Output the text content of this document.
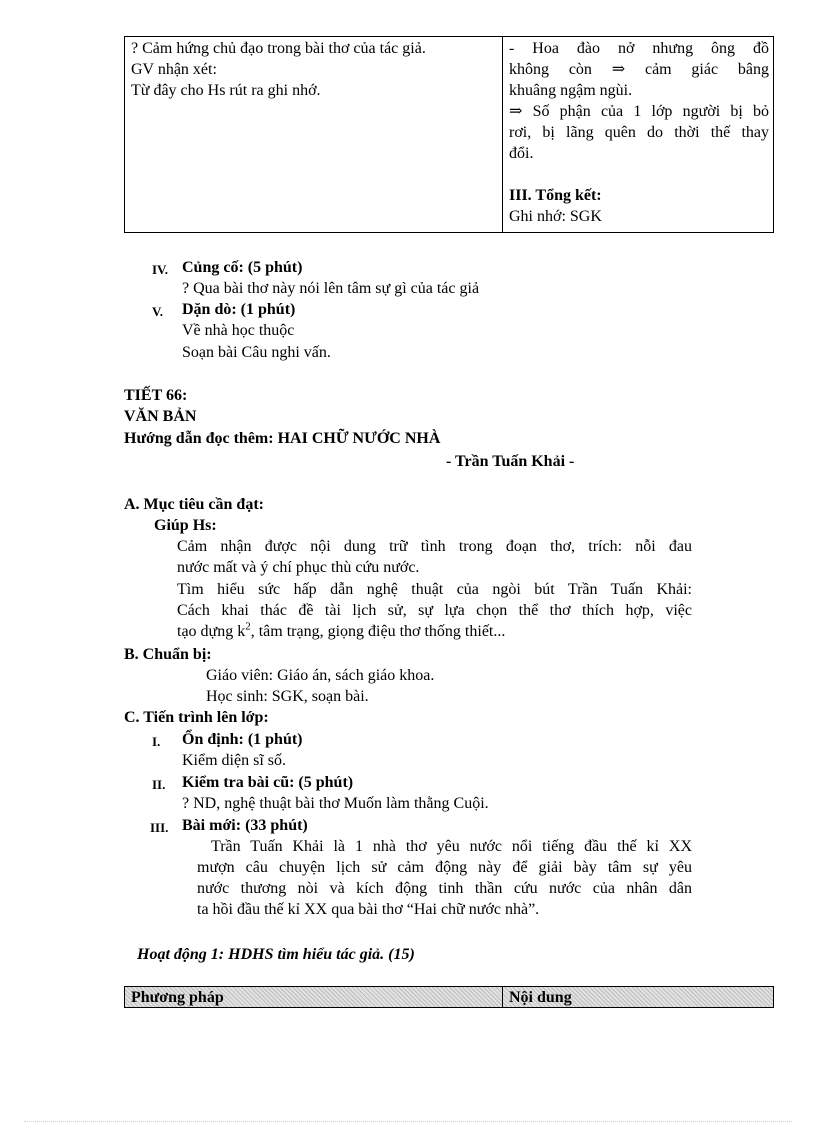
? Cảm hứng chủ đạo trong bài thơ của tác giả.
GV nhận xét:
Từ đây cho Hs rút ra ghi nhớ.
- Hoa đào nở nhưng ông đồ
không còn ⇒ cảm giác bâng
khuâng ngậm ngùi.
⇒ Số phận của 1 lớp người bị bỏ
rơi, bị lãng quên do thời thế thay
đổi.
III. Tổng kết:
Ghi nhớ: SGK
IV. Củng cố: (5 phút)
? Qua bài thơ này nói lên tâm sự gì của tác giả
V. Dặn dò: (1 phút)
Về nhà học thuộc
Soạn bài Câu nghi vấn.
TIẾT 66:
VĂN BẢN
Hướng dẫn đọc thêm: HAI CHỮ NƯỚC NHÀ
- Trần Tuấn Khải -
A. Mục tiêu cần đạt:
Giúp Hs:
Cảm nhận được nội dung trữ tình trong đoạn thơ, trích: nỗi đau
nước mất và ý chí phục thù cứu nước.
Tìm hiểu sức hấp dẫn nghệ thuật của ngòi bút Trần Tuấn Khải:
Cách khai thác đề tài lịch sử, sự lựa chọn thể thơ thích hợp, việc
tạo dựng $k^2$, tâm trạng, giọng điệu thơ thống thiết...
B. Chuẩn bị:
Giáo viên: Giáo án, sách giáo khoa.
Học sinh: SGK, soạn bài.
C. Tiến trình lên lớp:
I. Ổn định: (1 phút)
Kiểm diện sĩ số.
II. Kiểm tra bài cũ: (5 phút)
? ND, nghệ thuật bài thơ Muốn làm thằng Cuội.
III. Bài mới: (33 phút)
Trần Tuấn Khải là 1 nhà thơ yêu nước nổi tiếng đầu thế kỉ XX
mượn câu chuyện lịch sử cảm động này để giải bày tâm sự yêu
nước thương nòi và kích động tinh thần cứu nước của nhân dân
ta hồi đầu thế kỉ XX qua bài thơ “Hai chữ nước nhà”.
Hoạt động 1: HDHS tìm hiểu tác giả. (15)
Phương pháp	Nội dung
